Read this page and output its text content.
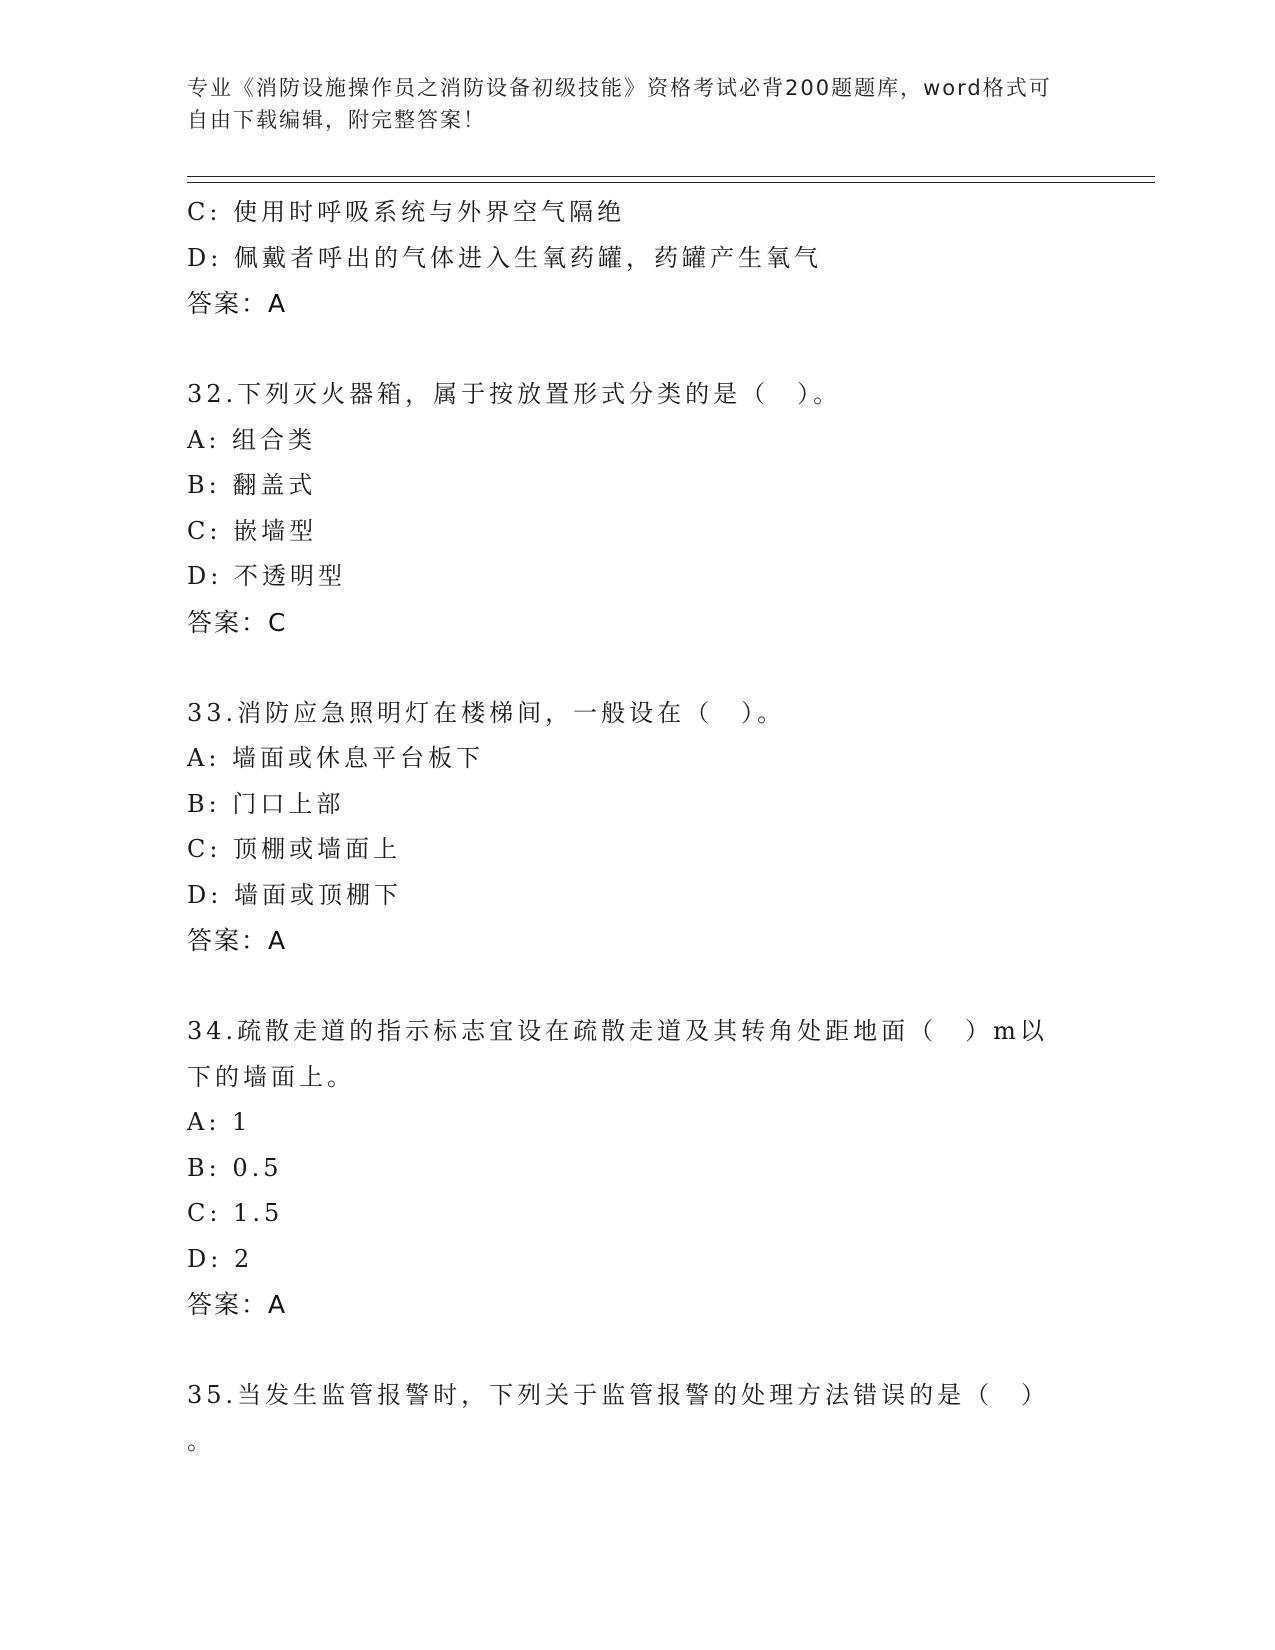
专业《消防设施操作员之消防设备初级技能》资格考试必背200题题库，word格式可自由下载编辑，附完整答案！
C: 使用时呼吸系统与外界空气隔绝
D: 佩戴者呼出的气体进入生氧药罐，药罐产生氧气
答案：A
32.下列灭火器箱，属于按放置形式分类的是（　）。
A: 组合类
B: 翻盖式
C: 嵌墙型
D: 不透明型
答案：C
33.消防应急照明灯在楼梯间，一般设在（　）。
A: 墙面或休息平台板下
B: 门口上部
C: 顶棚或墙面上
D: 墙面或顶棚下
答案：A
34.疏散走道的指示标志宜设在疏散走道及其转角处距地面（　）m以
下的墙面上。
A: 1
B: 0.5
C: 1.5
D: 2
答案：A
35.当发生监管报警时，下列关于监管报警的处理方法错误的是（　）
。
